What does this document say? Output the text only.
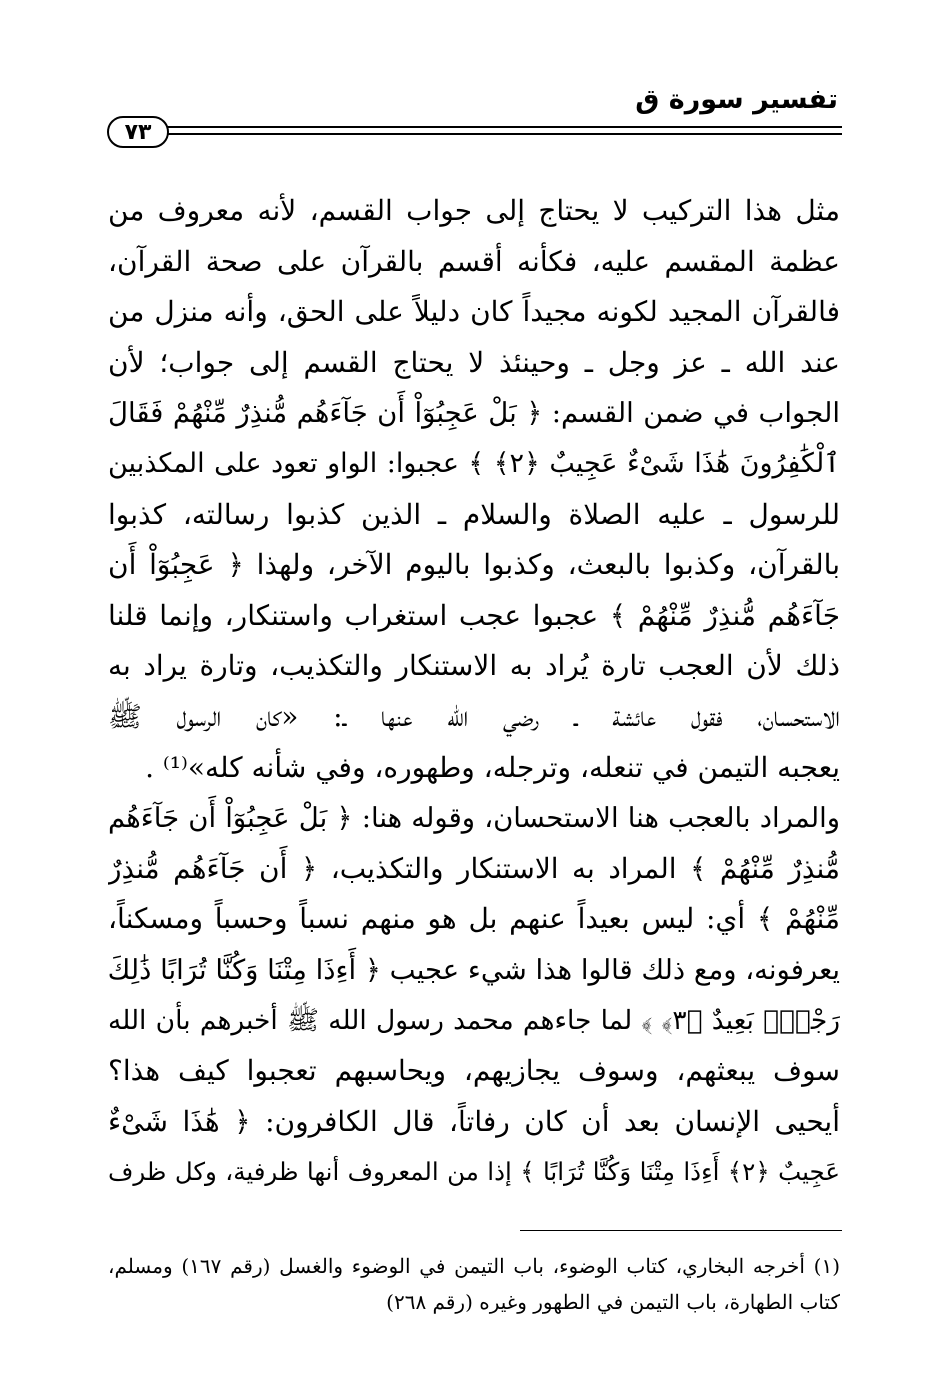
تفسير سورة ق
٧٣
مثل هذا التركيب لا يحتاج إلى جواب القسم، لأنه معروف من
عظمة المقسم عليه، فكأنه أقسم بالقرآن على صحة القرآن،
فالقرآن المجيد لكونه مجيداً كان دليلاً على الحق، وأنه منزل من
عند الله ـ عز وجل ـ وحينئذ لا يحتاج القسم إلى جواب؛ لأن
الجواب في ضمن القسم: ﴿ بَلْ عَجِبُوٓاْ أَن جَآءَهُم مُّنذِرٌ مِّنْهُمْ فَقَالَ
ٱلْكَٰفِرُونَ هَٰذَا شَىْءٌ عَجِيبٌ ﴿٢﴾ ﴾ عجبوا: الواو تعود على المكذبين
للرسول ـ عليه الصلاة والسلام ـ الذين كذبوا رسالته، كذبوا
بالقرآن، وكذبوا بالبعث، وكذبوا باليوم الآخر، ولهذا ﴿ عَجِبُوٓاْ أَن
جَآءَهُم مُّنذِرٌ مِّنْهُمْ ﴾ عجبوا عجب استغراب واستنكار، وإنما قلنا
ذلك لأن العجب تارة يُراد به الاستنكار والتكذيب، وتارة يراد به
الاستحسان، فقول عائشة ـ رضي الله عنها ـ: «كان الرسول ﷺ
يعجبه التيمن في تنعله، وترجله، وطهوره، وفي شأنه كله»⁽¹⁾ .
والمراد بالعجب هنا الاستحسان، وقوله هنا: ﴿ بَلْ عَجِبُوٓاْ أَن جَآءَهُم
مُّنذِرٌ مِّنْهُمْ ﴾ المراد به الاستنكار والتكذيب، ﴿ أَن جَآءَهُم مُّنذِرٌ
مِّنْهُمْ ﴾ أي: ليس بعيداً عنهم بل هو منهم نسباً وحسباً ومسكناً،
يعرفونه، ومع ذلك قالوا هذا شيء عجيب ﴿ أَءِذَا مِتْنَا وَكُنَّا تُرَابًا ذَٰلِكَ
رَجْعٌۢ بَعِيدٌ ﴿٣﴾ ﴾ لما جاءهم محمد رسول الله ﷺ أخبرهم بأن الله
سوف يبعثهم، وسوف يجازيهم، ويحاسبهم تعجبوا كيف هذا؟
أيحيى الإنسان بعد أن كان رفاتاً، قال الكافرون: ﴿ هَٰذَا شَىْءٌ
عَجِيبٌ ﴿٢﴾ أَءِذَا مِتْنَا وَكُنَّا تُرَابًا ﴾ إذا من المعروف أنها ظرفية، وكل ظرف
(١) أخرجه البخاري، كتاب الوضوء، باب التيمن في الوضوء والغسل (رقم ١٦٧) ومسلم،
كتاب الطهارة، باب التيمن في الطهور وغيره (رقم ٢٦٨)
